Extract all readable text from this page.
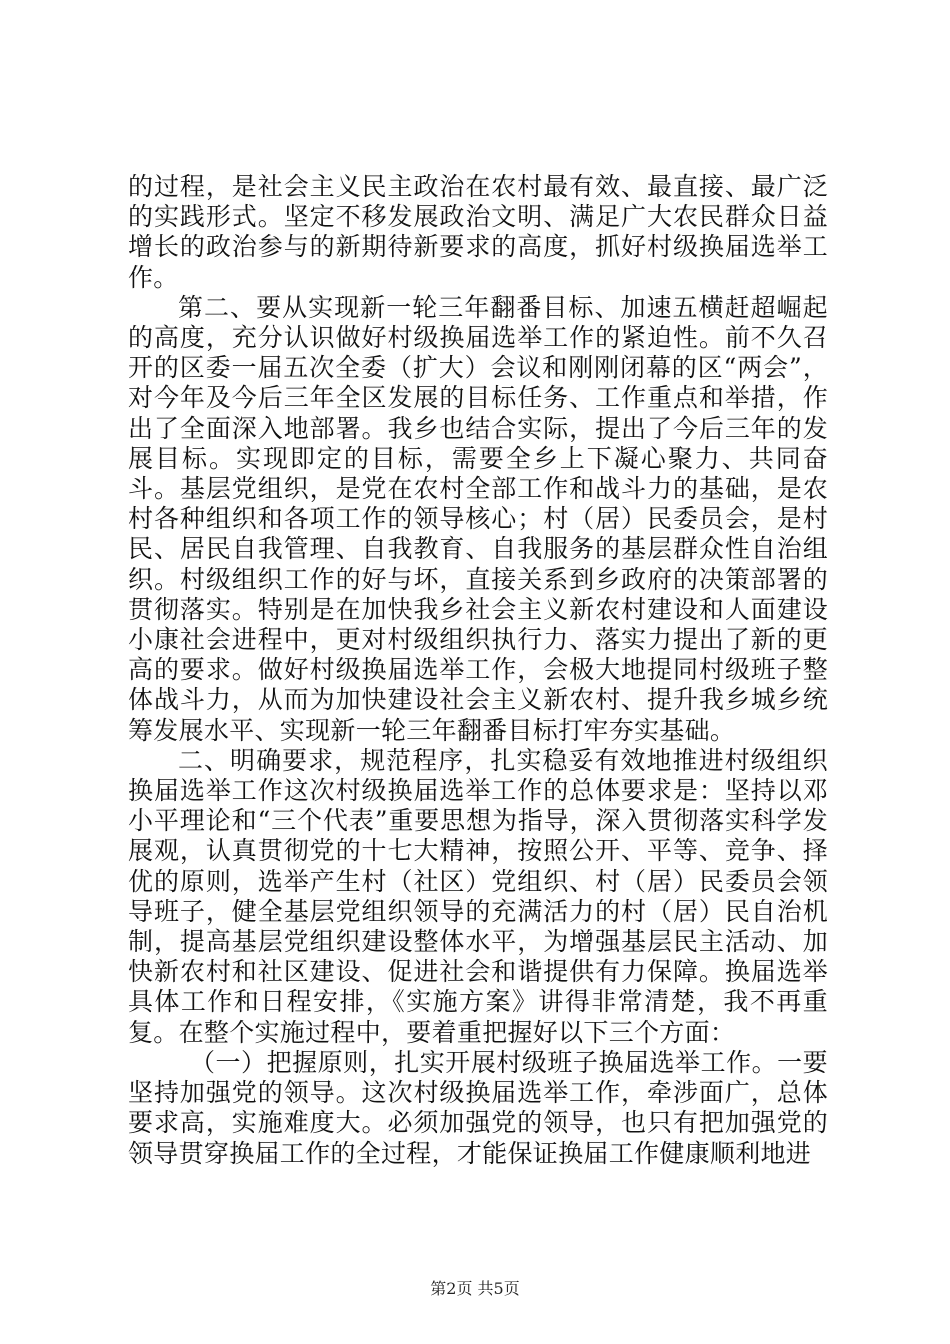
的过程，是社会主义民主政治在农村最有效、最直接、最广泛的实践形式。坚定不移发展政治文明、满足广大农民群众日益增长的政治参与的新期待新要求的高度，抓好村级换届选举工作。

第二、要从实现新一轮三年翻番目标、加速五横赶超崛起的高度，充分认识做好村级换届选举工作的紧迫性。前不久召开的区委一届五次全委（扩大）会议和刚刚闭幕的区“两会”，对今年及今后三年全区发展的目标任务、工作重点和举措，作出了全面深入地部署。我乡也结合实际，提出了今后三年的发展目标。实现即定的目标，需要全乡上下凝心聚力、共同奋斗。基层党组织，是党在农村全部工作和战斗力的基础，是农村各种组织和各项工作的领导核心；村（居）民委员会，是村民、居民自我管理、自我教育、自我服务的基层群众性自治组织。村级组织工作的好与坏，直接关系到乡政府的决策部署的贯彻落实。特别是在加快我乡社会主义新农村建设和人面建设小康社会进程中，更对村级组织执行力、落实力提出了新的更高的要求。做好村级换届选举工作，会极大地提同村级班子整体战斗力，从而为加快建设社会主义新农村、提升我乡城乡统筹发展水平、实现新一轮三年翻番目标打牢夯实基础。

二、明确要求，规范程序，扎实稳妥有效地推进村级组织换届选举工作这次村级换届选举工作的总体要求是：坚持以邓小平理论和“三个代表”重要思想为指导，深入贯彻落实科学发展观，认真贯彻党的十七大精神，按照公开、平等、竞争、择优的原则，选举产生村（社区）党组织、村（居）民委员会领导班子，健全基层党组织领导的充满活力的村（居）民自治机制，提高基层党组织建设整体水平，为增强基层民主活动、加快新农村和社区建设、促进社会和谐提供有力保障。换届选举具体工作和日程安排，《实施方案》讲得非常清楚，我不再重复。在整个实施过程中，要着重把握好以下三个方面：

（一）把握原则，扎实开展村级班子换届选举工作。一要坚持加强党的领导。这次村级换届选举工作，牵涉面广，总体要求高，实施难度大。必须加强党的领导，也只有把加强党的领导贯穿换届工作的全过程，才能保证换届工作健康顺利地进

第2页 共5页
